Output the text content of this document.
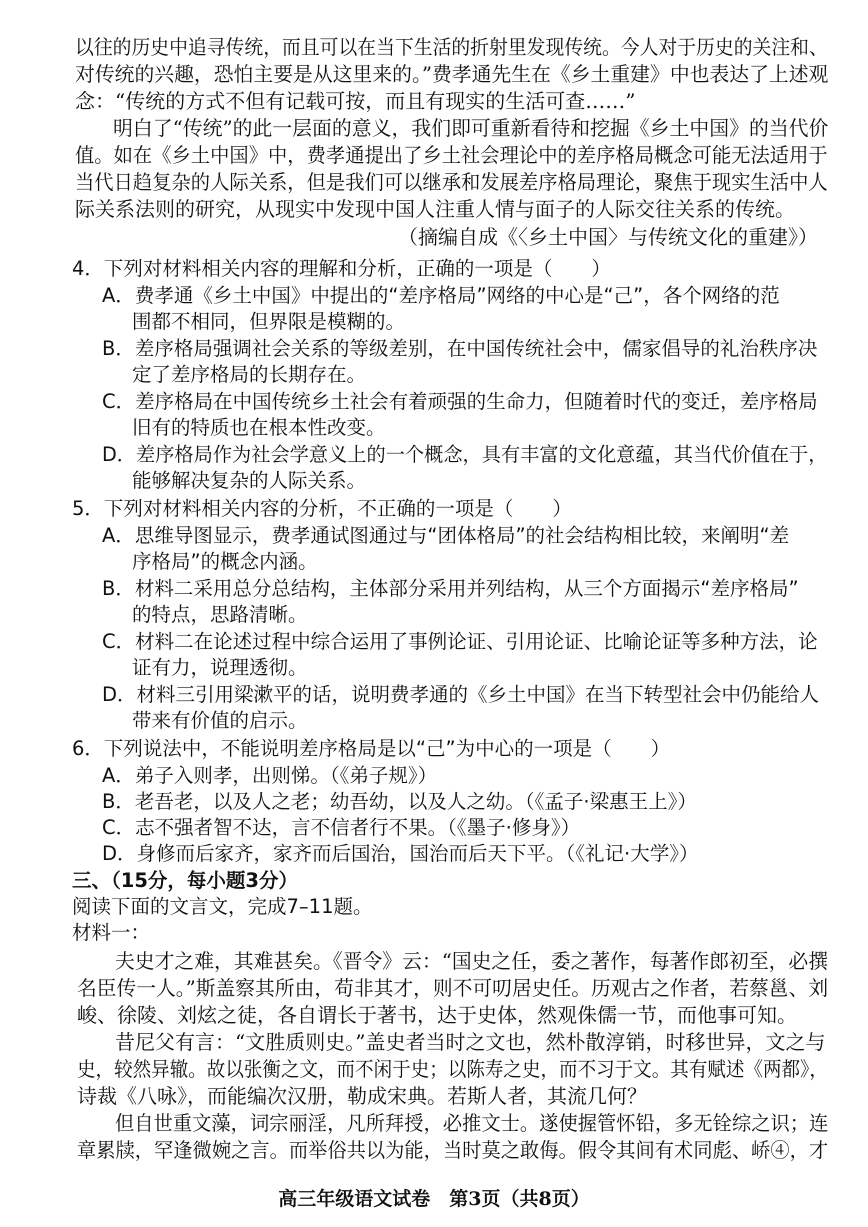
以往的历史中追寻传统，而且可以在当下生活的折射里发现传统。今人对于历史的关注和、
对传统的兴趣，恐怕主要是从这里来的。”费孝通先生在《乡土重建》中也表达了上述观
念：“传统的方式不但有记载可按，而且有现实的生活可查……”
明白了“传统”的此一层面的意义，我们即可重新看待和挖掘《乡土中国》的当代价
值。如在《乡土中国》中，费孝通提出了乡土社会理论中的差序格局概念可能无法适用于
当代日趋复杂的人际关系，但是我们可以继承和发展差序格局理论，聚焦于现实生活中人
际关系法则的研究，从现实中发现中国人注重人情与面子的人际交往关系的传统。
（摘编自成《〈乡土中国〉与传统文化的重建》）
4．下列对材料相关内容的理解和分析，正确的一项是（　　）
A．费孝通《乡土中国》中提出的“差序格局”网络的中心是“己”，各个网络的范
围都不相同，但界限是模糊的。
B．差序格局强调社会关系的等级差别，在中国传统社会中，儒家倡导的礼治秩序决
定了差序格局的长期存在。
C．差序格局在中国传统乡土社会有着顽强的生命力，但随着时代的变迁，差序格局
旧有的特质也在根本性改变。
D．差序格局作为社会学意义上的一个概念，具有丰富的文化意蕴，其当代价值在于，
能够解决复杂的人际关系。
5．下列对材料相关内容的分析，不正确的一项是（　　）
A．思维导图显示，费孝通试图通过与“团体格局”的社会结构相比较，来阐明“差
序格局”的概念内涵。
B．材料二采用总分总结构，主体部分采用并列结构，从三个方面揭示“差序格局”
的特点，思路清晰。
C．材料二在论述过程中综合运用了事例论证、引用论证、比喻论证等多种方法，论
证有力，说理透彻。
D．材料三引用梁漱平的话，说明费孝通的《乡土中国》在当下转型社会中仍能给人
带来有价值的启示。
6．下列说法中，不能说明差序格局是以“己”为中心的一项是（　　）
A．弟子入则孝，出则悌。（《弟子规》）
B．老吾老，以及人之老；幼吾幼，以及人之幼。（《孟子·梁惠王上》）
C．志不强者智不达，言不信者行不果。（《墨子·修身》）
D．身修而后家齐，家齐而后国治，国治而后天下平。（《礼记·大学》）
三、（15分，每小题3分）
阅读下面的文言文，完成7–11题。
材料一：
夫史才之难，其难甚矣。《晋令》云：“国史之任，委之著作，每著作郎初至，必撰
名臣传一人。”斯盖察其所由，苟非其才，则不可叨居史任。历观古之作者，若蔡邕、刘
峻、徐陵、刘炫之徒，各自谓长于著书，达于史体，然观侏儒一节，而他事可知。
昔尼父有言：“文胜质则史。”盖史者当时之文也，然朴散淳销，时移世异，文之与
史，较然异辙。故以张衡之文，而不闲于史；以陈寿之史，而不习于文。其有赋述《两都》，
诗裁《八咏》，而能编次汉册，勒成宋典。若斯人者，其流几何？
但自世重文藻，词宗丽淫，凡所拜授，必推文士。遂使握管怀铅，多无铨综之识；连
章累牍，罕逢微婉之言。而举俗共以为能，当时莫之敢侮。假令其间有术同彪、峤④，才
高三年级语文试卷　第3页（共8页）
